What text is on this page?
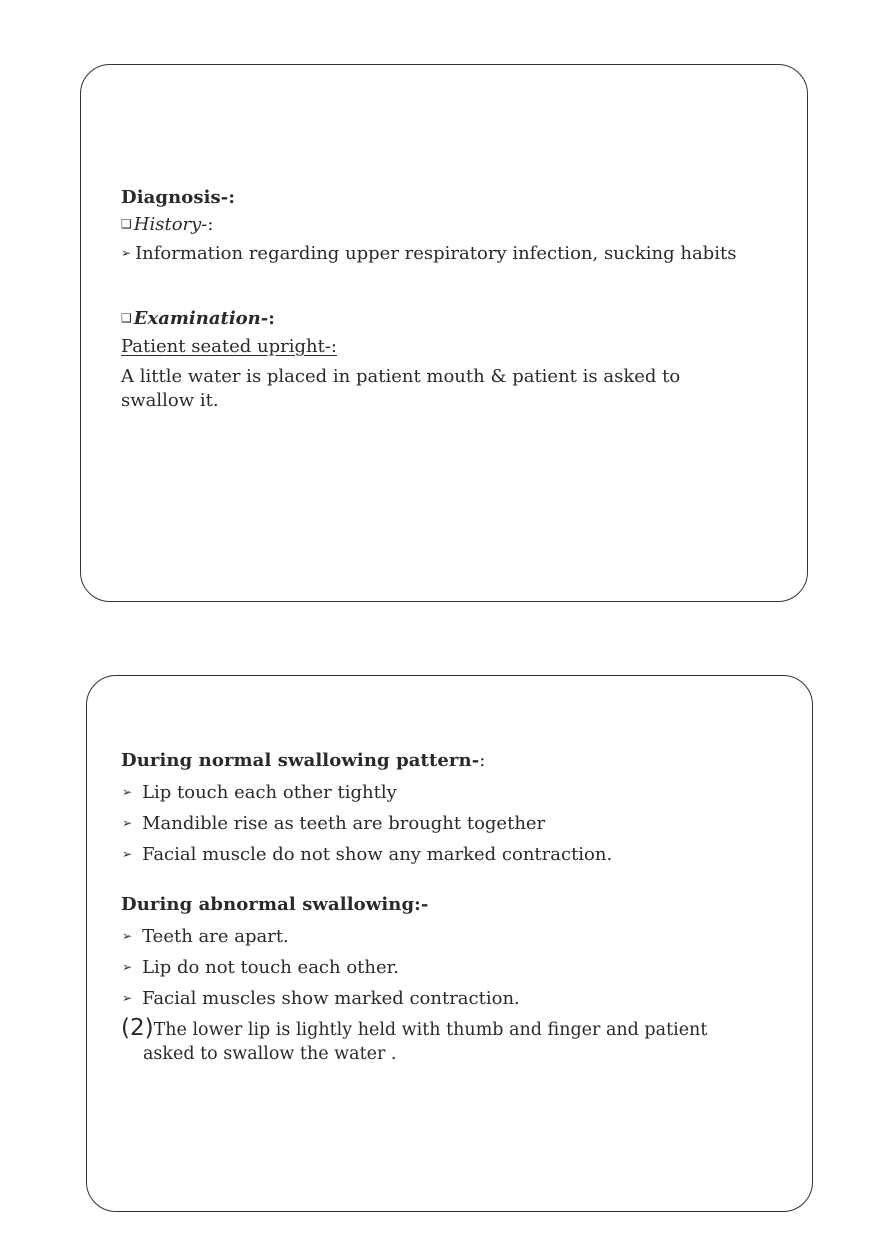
Diagnosis-:
❑ History-:
➢ Information regarding upper respiratory infection, sucking habits
❑ Examination-:
Patient seated upright-:
A little water is placed in patient mouth & patient is asked to swallow it.
During normal swallowing pattern-:
➢ Lip touch each other tightly
➢ Mandible rise as teeth are brought together
➢ Facial muscle do not show any marked contraction.
During abnormal swallowing:-
➢ Teeth are apart.
➢ Lip do not touch each other.
➢ Facial muscles show marked contraction.
(2)The lower lip is lightly held with thumb and finger and patient
asked to swallow the water .
